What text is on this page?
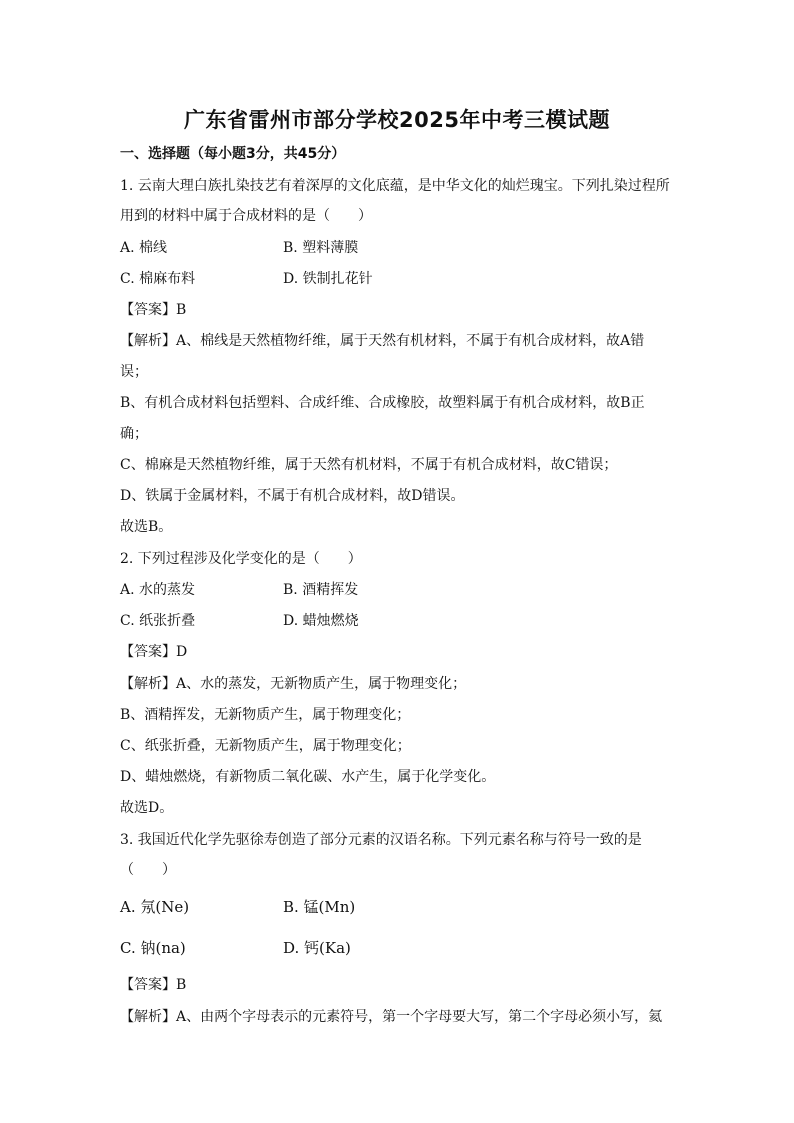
广东省雷州市部分学校2025年中考三模试题
一、选择题（每小题3分，共45分）
1. 云南大理白族扎染技艺有着深厚的文化底蕴，是中华文化的灿烂瑰宝。下列扎染过程所
用到的材料中属于合成材料的是（　　）
A. 棉线	B. 塑料薄膜
C. 棉麻布料	D. 铁制扎花针
【答案】B
【解析】A、棉线是天然植物纤维，属于天然有机材料，不属于有机合成材料，故A错
误；
B、有机合成材料包括塑料、合成纤维、合成橡胶，故塑料属于有机合成材料，故B正
确；
C、棉麻是天然植物纤维，属于天然有机材料，不属于有机合成材料，故C错误；
D、铁属于金属材料，不属于有机合成材料，故D错误。
故选B。
2. 下列过程涉及化学变化的是（　　）
A. 水的蒸发	B. 酒精挥发
C. 纸张折叠	D. 蜡烛燃烧
【答案】D
【解析】A、水的蒸发，无新物质产生，属于物理变化；
B、酒精挥发，无新物质产生，属于物理变化；
C、纸张折叠，无新物质产生，属于物理变化；
D、蜡烛燃烧，有新物质二氧化碳、水产生，属于化学变化。
故选D。
3. 我国近代化学先驱徐寿创造了部分元素的汉语名称。下列元素名称与符号一致的是
（　　）
A. 氖(Ne)	B. 锰(Mn)
C. 钠(na)	D. 钙(Ka)
【答案】B
【解析】A、由两个字母表示的元素符号，第一个字母要大写，第二个字母必须小写，氦
